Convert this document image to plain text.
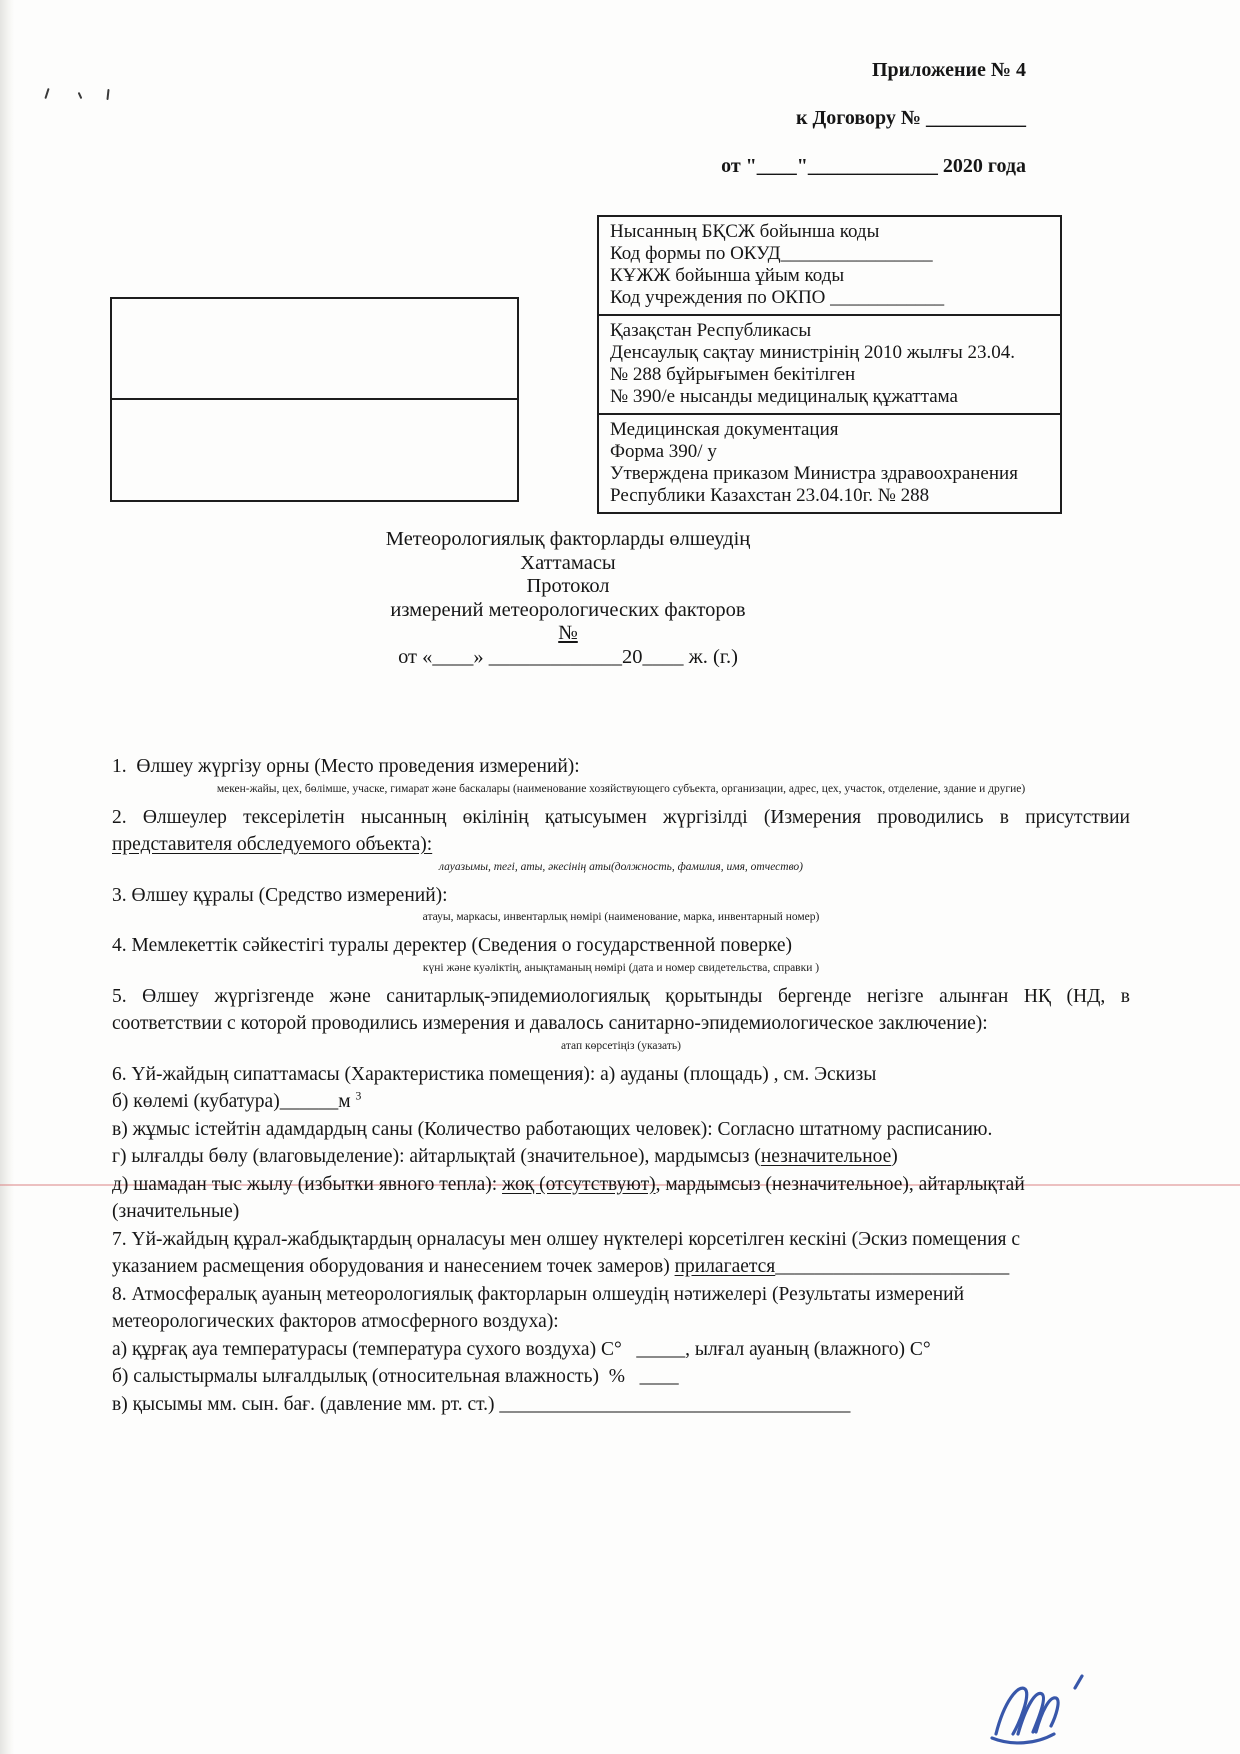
Приложение № 4
к Договору № __________
от "____"_____________ 2020 года
Нысанның БҚСЖ бойынша коды
Код формы по ОКУД________________
КҰЖЖ бойынша ұйым коды
Код учреждения по ОКПО ____________
Қазақстан Республикасы
Денсаулық сақтау министрінің 2010 жылғы 23.04.
№ 288 бұйрығымен бекітілген
№ 390/е нысанды медициналық құжаттама
Медицинская документация
Форма 390/ у
Утверждена приказом Министра здравоохранения
Республики Казахстан 23.04.10г. № 288
Метеорологиялық факторларды өлшеудің
Хаттамасы
Протокол
измерений метеорологических факторов
№
от «____» _____________20____ ж. (г.)
1.  Өлшеу жүргізу орны (Место проведения измерений):
мекен-жайы, цех, бөлімше, учаске, гимарат және баскалары (наименование хозяйствующего субъекта, организации, адрес, цех, участок, отделение, здание и другие)
2. Өлшеулер тексерілетін нысанның өкілінің қатысуымен жүргізілді (Измерения проводились в присутствии
представителя обследуемого объекта):
лауазымы, тегі, аты, әкесінің аты(должность, фамилия, имя, отчество)
3. Өлшеу құралы (Средство измерений):
атауы, маркасы, инвентарлық нөмірі (наименование, марка, инвентарный номер)
4. Мемлекеттік сәйкестігі туралы деректер (Сведения о государственной поверке)
күні және куәліктің, анықтаманың нөмірі (дата и номер свидетельства, справки )
5. Өлшеу жүргізгенде және санитарлық-эпидемиологиялық қорытынды бергенде негізге алынған НҚ (НД, в
соответствии с которой проводились измерения и давалось санитарно-эпидемиологическое заключение):
атап көрсетіңіз (указать)
6. Үй-жайдың сипаттамасы (Характеристика помещения): а) ауданы (площадь) , см. Эскизы
б) көлемі (кубатура)______м $^3$
в) жұмыс істейтін адамдардың саны (Количество работающих человек): Согласно штатному расписанию.
г) ылғалды бөлу (влаговыделение): айтарлықтай (значительное), мардымсыз (незначительное)
д) шамадан тыс жылу (избытки явного тепла): жоқ (отсутствуют), мардымсыз (незначительное), айтарлықтай
(значительные)
7. Үй-жайдың құрал-жабдықтардың орналасуы мен олшеу нүктелері корсетілген кескіні (Эскиз помещения с
указанием расмещения оборудования и нанесением точек замеров) прилагается________________________
8. Атмосфералық ауаның метеорологиялық факторларын олшеудің нәтижелері (Результаты измерений
метеорологических факторов атмосферного воздуха):
а) құрғақ ауа температурасы (температура сухого воздуха) С°   _____, ылғал ауаның (влажного) С°
б) салыстырмалы ылғалдылық (относительная влажность)  %   ____
в) қысымы мм. сын. бағ. (давление мм. рт. ст.) ____________________________________
